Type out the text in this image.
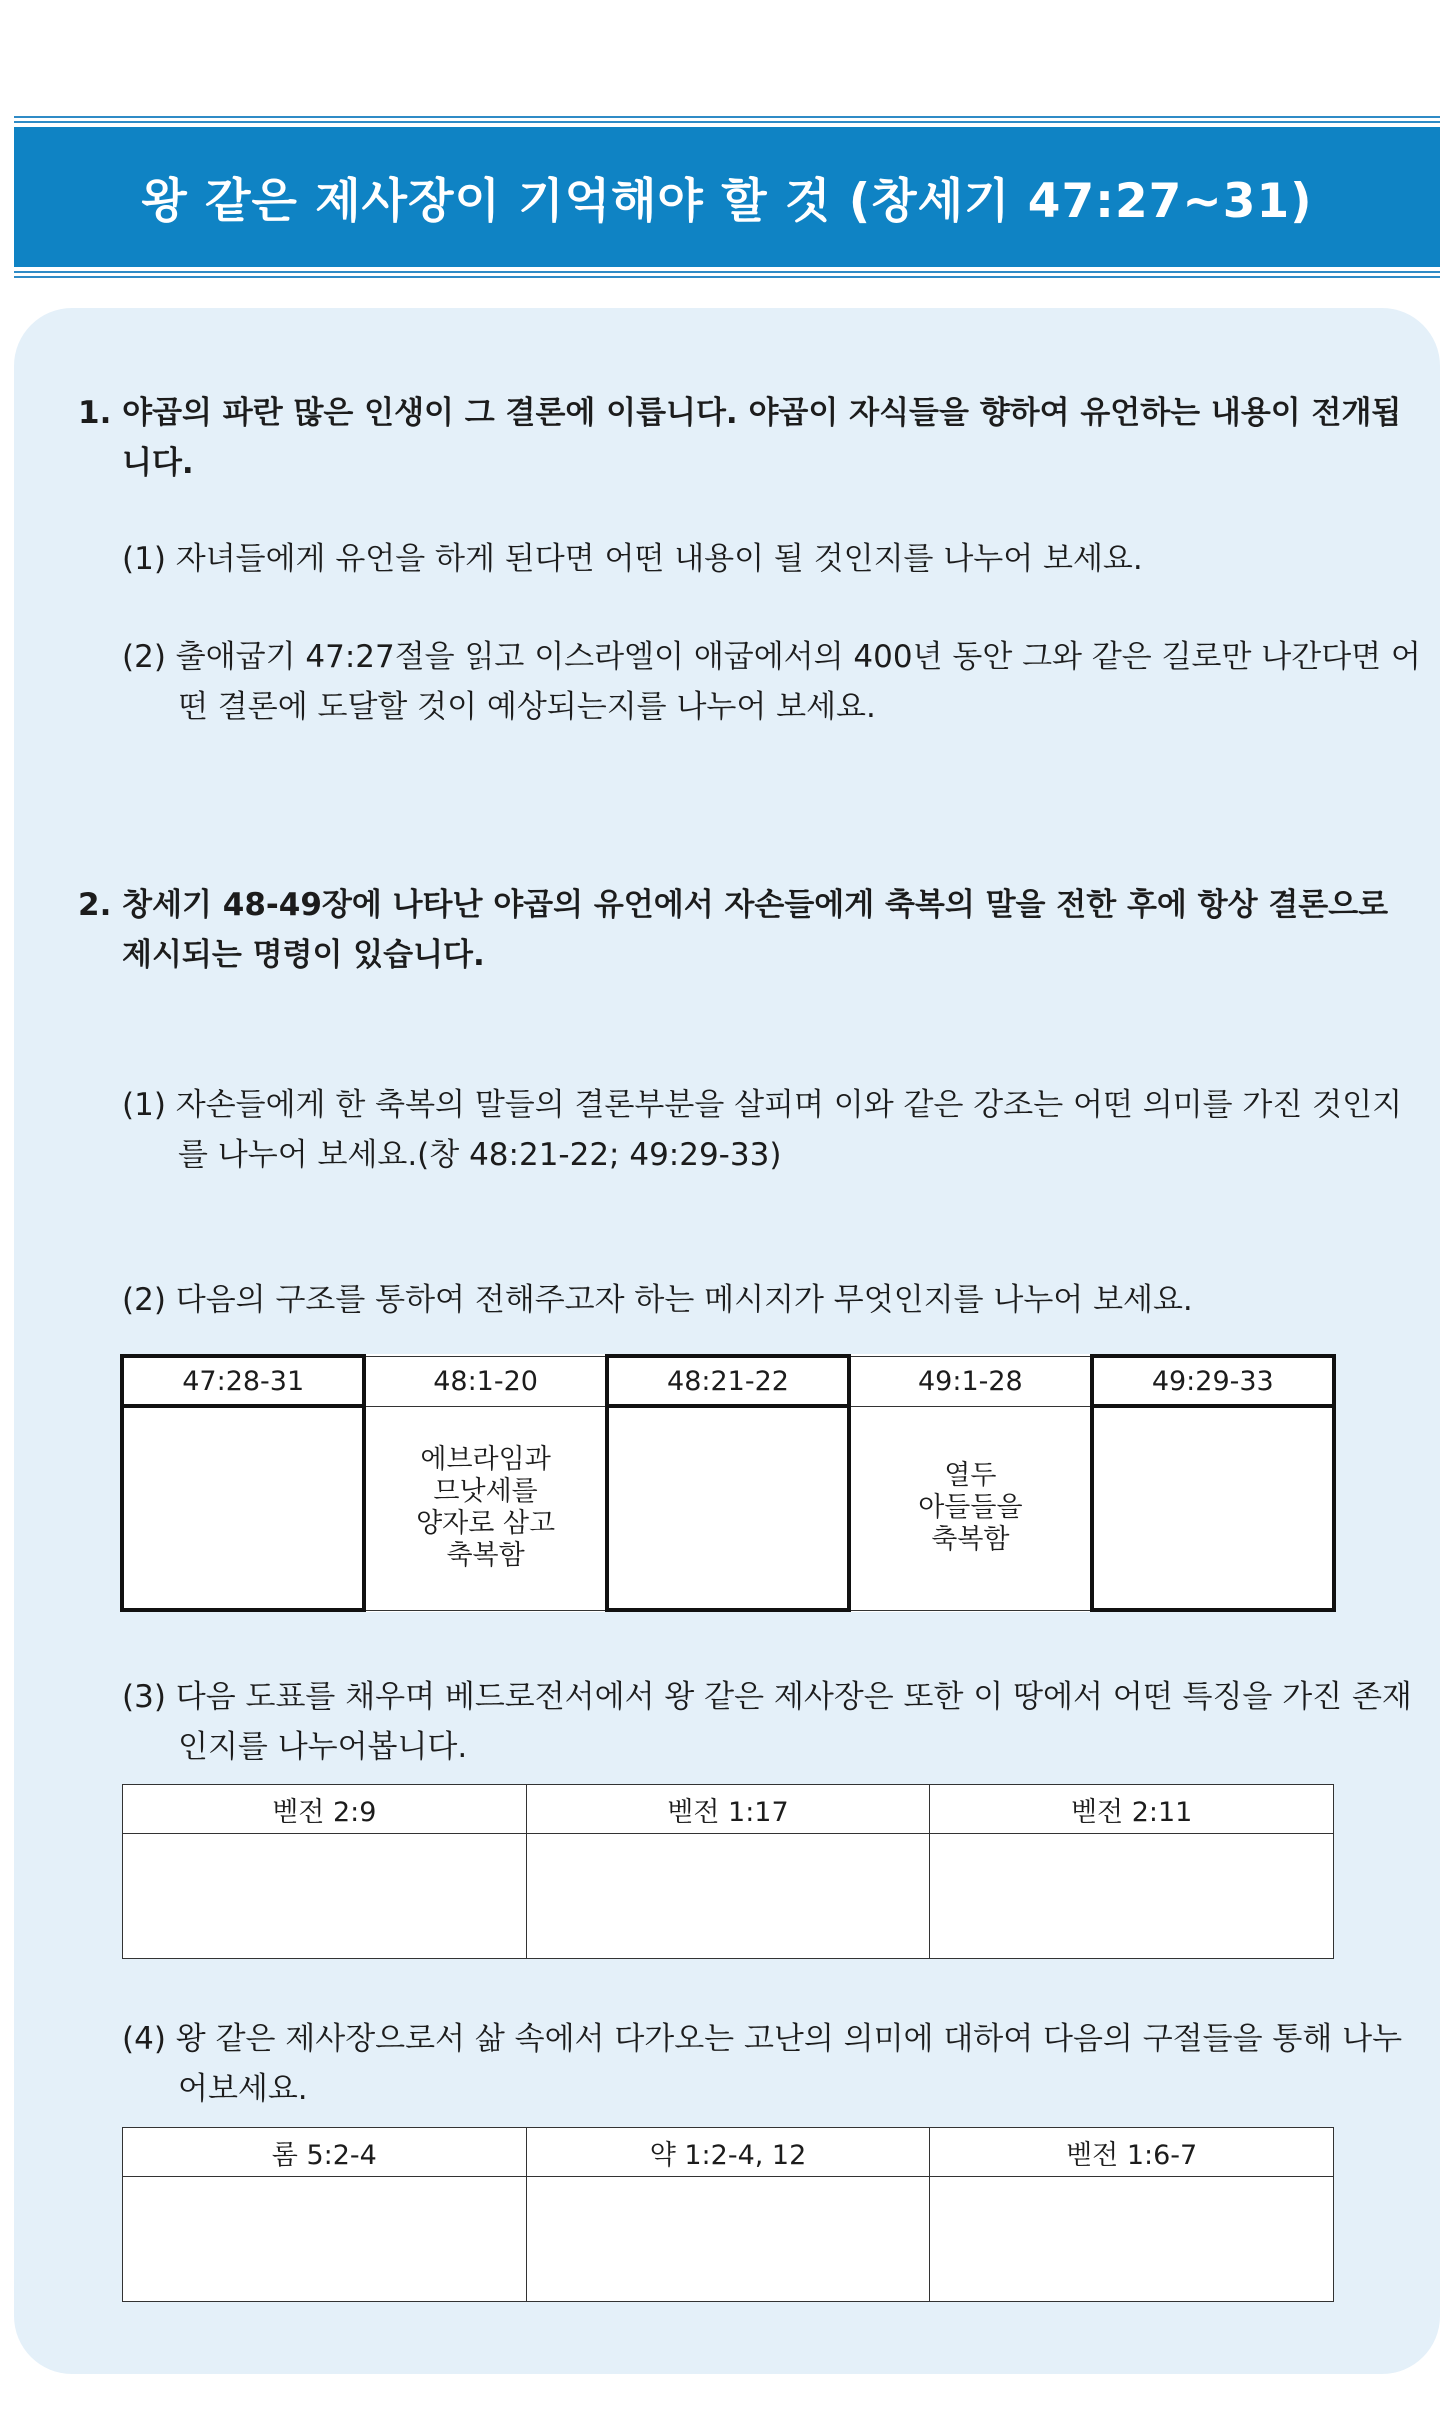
왕 같은 제사장이 기억해야 할 것 (창세기 47:27~31)
1. 야곱의 파란 많은 인생이 그 결론에 이릅니다. 야곱이 자식들을 향하여 유언하는 내용이 전개됩니다.
(1) 자녀들에게 유언을 하게 된다면 어떤 내용이 될 것인지를 나누어 보세요.
(2) 출애굽기 47:27절을 읽고 이스라엘이 애굽에서의 400년 동안 그와 같은 길로만 나간다면 어떤 결론에 도달할 것이 예상되는지를 나누어 보세요.
2. 창세기 48-49장에 나타난 야곱의 유언에서 자손들에게 축복의 말을 전한 후에 항상 결론으로 제시되는 명령이 있습니다.
(1) 자손들에게 한 축복의 말들의 결론부분을 살피며 이와 같은 강조는 어떤 의미를 가진 것인지를 나누어 보세요.(창 48:21-22; 49:29-33)
(2) 다음의 구조를 통하여 전해주고자 하는 메시지가 무엇인지를 나누어 보세요.
47:28-31	48:1-20	48:21-22	49:1-28	49:29-33
	에브라임과
므낫세를
양자로 삼고
축복함		열두
아들들을
축복함	
(3) 다음 도표를 채우며 베드로전서에서 왕 같은 제사장은 또한 이 땅에서 어떤 특징을 가진 존재인지를 나누어봅니다.
벧전 2:9	벧전 1:17	벧전 2:11

(4) 왕 같은 제사장으로서 삶 속에서 다가오는 고난의 의미에 대하여 다음의 구절들을 통해 나누어보세요.
롬 5:2-4	약 1:2-4, 12	벧전 1:6-7
